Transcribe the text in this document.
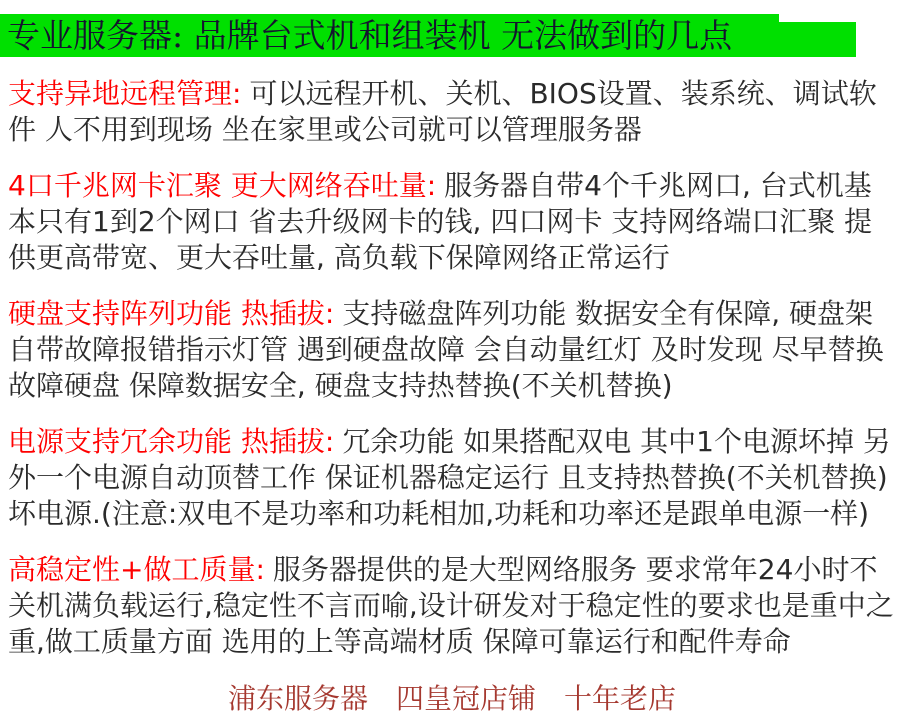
专业服务器: 品牌台式机和组装机 无法做到的几点

支持异地远程管理: 可以远程开机、关机、BIOS设置、装系统、调试软件 人不用到现场 坐在家里或公司就可以管理服务器

4口千兆网卡汇聚 更大网络吞吐量: 服务器自带4个千兆网口, 台式机基本只有1到2个网口 省去升级网卡的钱, 四口网卡 支持网络端口汇聚 提供更高带宽、更大吞吐量, 高负载下保障网络正常运行

硬盘支持阵列功能 热插拔: 支持磁盘阵列功能 数据安全有保障, 硬盘架自带故障报错指示灯管 遇到硬盘故障 会自动量红灯 及时发现 尽早替换故障硬盘 保障数据安全, 硬盘支持热替换(不关机替换)

电源支持冗余功能 热插拔: 冗余功能 如果搭配双电 其中1个电源坏掉 另外一个电源自动顶替工作 保证机器稳定运行 且支持热替换(不关机替换) 坏电源.(注意:双电不是功率和功耗相加,功耗和功率还是跟单电源一样)

高稳定性+做工质量: 服务器提供的是大型网络服务 要求常年24小时不关机满负载运行,稳定性不言而喻,设计研发对于稳定性的要求也是重中之重,做工质量方面 选用的上等高端材质 保障可靠运行和配件寿命

浦东服务器　四皇冠店铺　十年老店
